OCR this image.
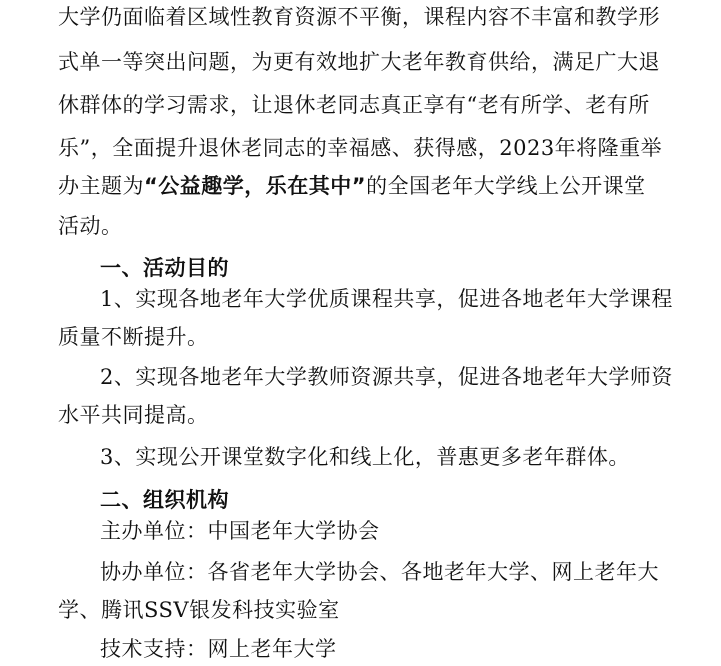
大学仍面临着区域性教育资源不平衡，课程内容不丰富和教学形
式单一等突出问题，为更有效地扩大老年教育供给，满足广大退
休群体的学习需求，让退休老同志真正享有“老有所学、老有所
乐”，全面提升退休老同志的幸福感、获得感，2023年将隆重举
办主题为“公益趣学，乐在其中”的全国老年大学线上公开课堂
活动。
一、活动目的
1、实现各地老年大学优质课程共享，促进各地老年大学课程
质量不断提升。
2、实现各地老年大学教师资源共享，促进各地老年大学师资
水平共同提高。
3、实现公开课堂数字化和线上化，普惠更多老年群体。
二、组织机构
主办单位：中国老年大学协会
协办单位：各省老年大学协会、各地老年大学、网上老年大
学、腾讯SSV银发科技实验室
技术支持：网上老年大学
